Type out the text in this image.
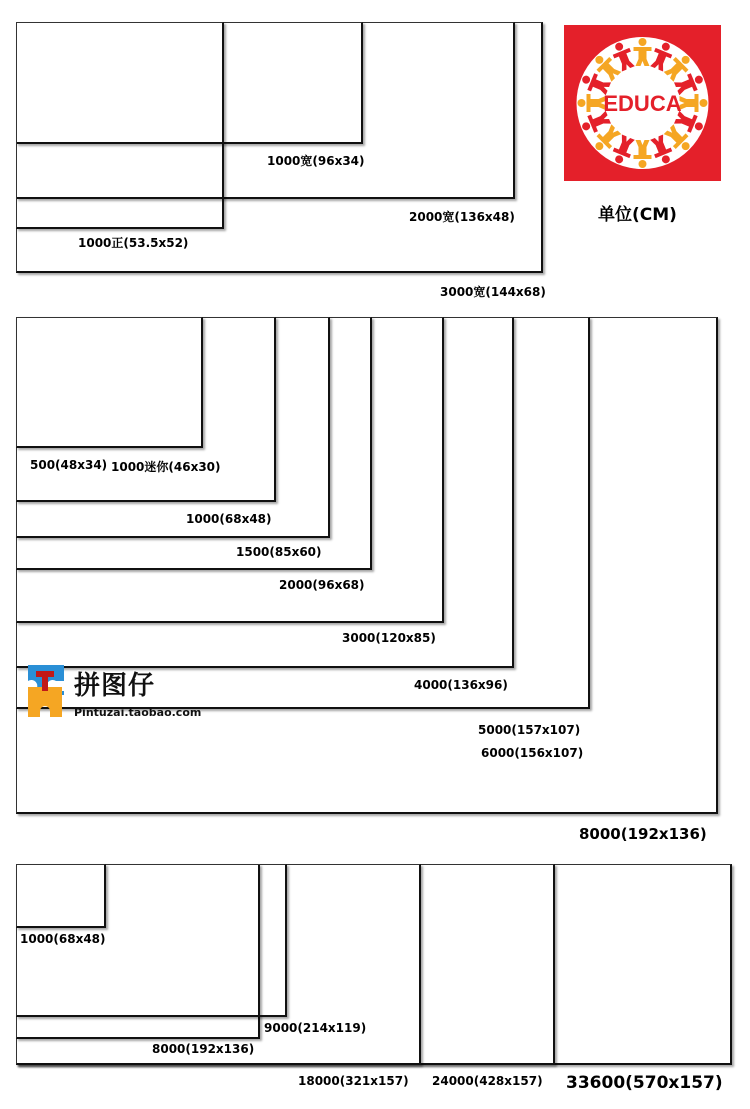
1000宽(96x34)
2000宽(136x48)
1000正(53.5x52)
3000宽(144x68)
EDUCA
单位(CM)
500(48x34) 1000迷你(46x30)
1000(68x48)
1500(85x60)
2000(96x68)
3000(120x85)
4000(136x96)
5000(157x107)
6000(156x107)
8000(192x136)
拼图仔
Pintuzai.taobao.com
1000(68x48)
9000(214x119)
8000(192x136)
18000(321x157) 24000(428x157) 33600(570x157)
